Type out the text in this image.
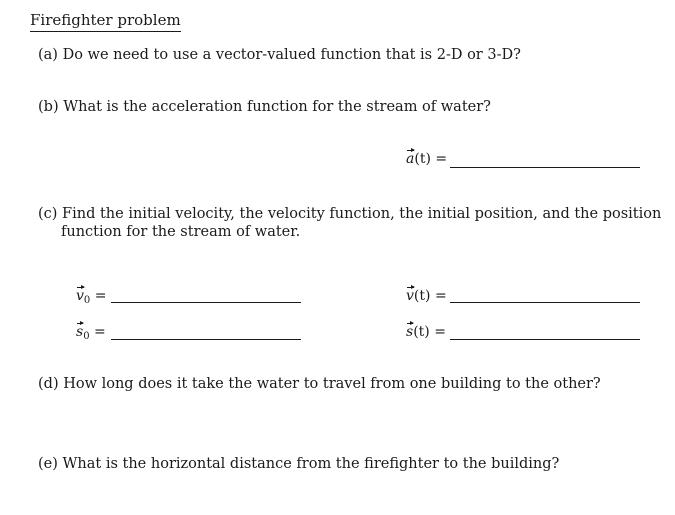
Firefighter problem
(a) Do we need to use a vector-valued function that is 2-D or 3-D?
(b) What is the acceleration function for the stream of water?
a(t) =
(c) Find the initial velocity, the velocity function, the initial position, and the position
function for the stream of water.
$v_0$ =	v(t) =
$s_0$ =	s(t) =
(d) How long does it take the water to travel from one building to the other?
(e) What is the horizontal distance from the firefighter to the building?
